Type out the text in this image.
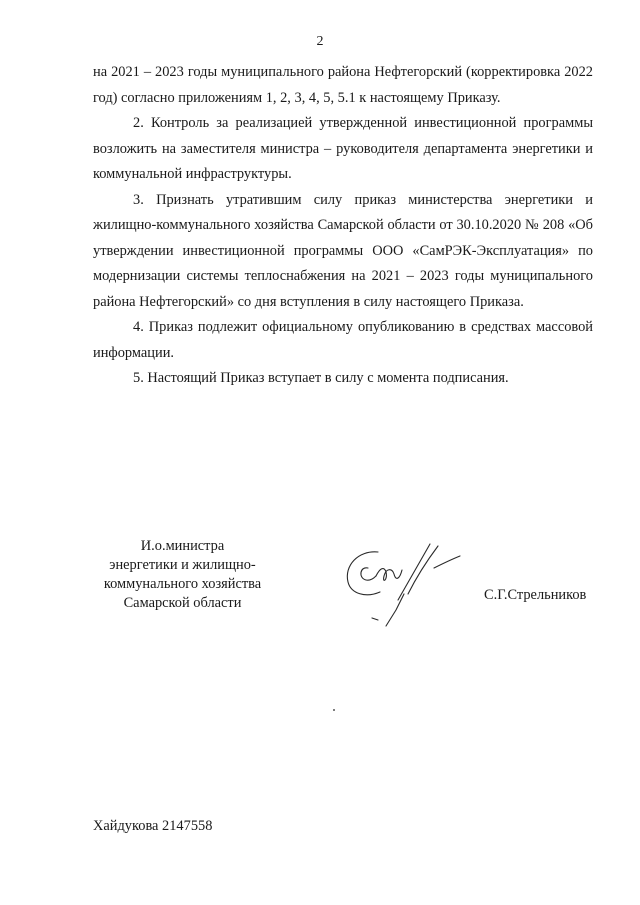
2

на 2021 – 2023 годы муниципального района Нефтегорский (корректировка 2022 год) согласно приложениям 1, 2, 3, 4, 5, 5.1 к настоящему Приказу.

2. Контроль за реализацией утвержденной инвестиционной программы возложить на заместителя министра – руководителя департамента энергетики и коммунальной инфраструктуры.

3. Признать утратившим силу приказ министерства энергетики и жилищно-коммунального хозяйства Самарской области от 30.10.2020 № 208 «Об утверждении инвестиционной программы ООО «СамРЭК-Эксплуатация» по модернизации системы теплоснабжения на 2021 – 2023 годы муниципального района Нефтегорский» со дня вступления в силу настоящего Приказа.

4. Приказ подлежит официальному опубликованию в средствах массовой информации.

5. Настоящий Приказ вступает в силу с момента подписания.

И.о.министра
энергетики и жилищно-
коммунального хозяйства
Самарской области	С.Г.Стрельников
Хайдукова 2147558
